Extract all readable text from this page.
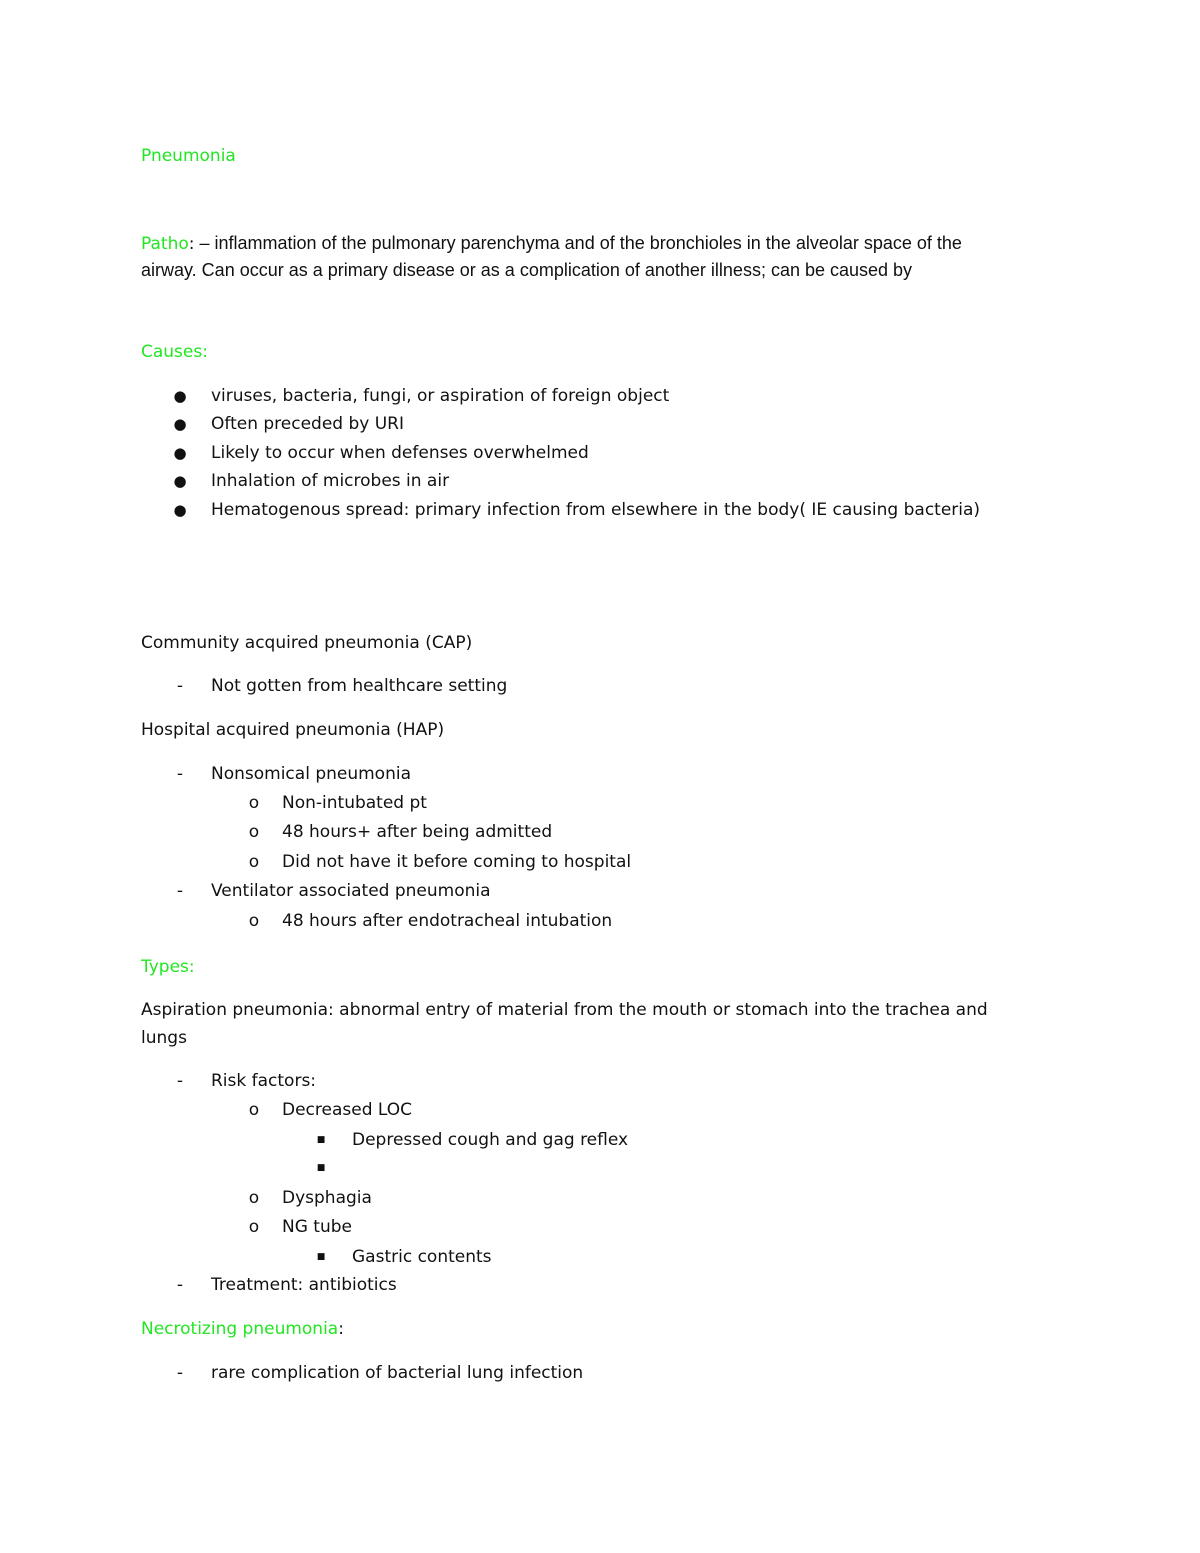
Pneumonia
Patho: – inflammation of the pulmonary parenchyma and of the bronchioles in the alveolar space of the
airway. Can occur as a primary disease or as a complication of another illness; can be caused by
Causes:
● viruses, bacteria, fungi, or aspiration of foreign object
● Often preceded by URI
● Likely to occur when defenses overwhelmed
● Inhalation of microbes in air
● Hematogenous spread: primary infection from elsewhere in the body( IE causing bacteria)
Community acquired pneumonia (CAP)
-	Not gotten from healthcare setting
Hospital acquired pneumonia (HAP)
-	Nonsomical pneumonia
o Non-intubated pt
o 48 hours+ after being admitted
o Did not have it before coming to hospital
-	Ventilator associated pneumonia
o 48 hours after endotracheal intubation
Types:
Aspiration pneumonia: abnormal entry of material from the mouth or stomach into the trachea and
lungs
-	Risk factors:
o Decreased LOC
■	Depressed cough and gag reflex
■
o Dysphagia
o NG tube
■	Gastric contents
-	Treatment: antibiotics
Necrotizing pneumonia:
-	rare complication of bacterial lung infection
